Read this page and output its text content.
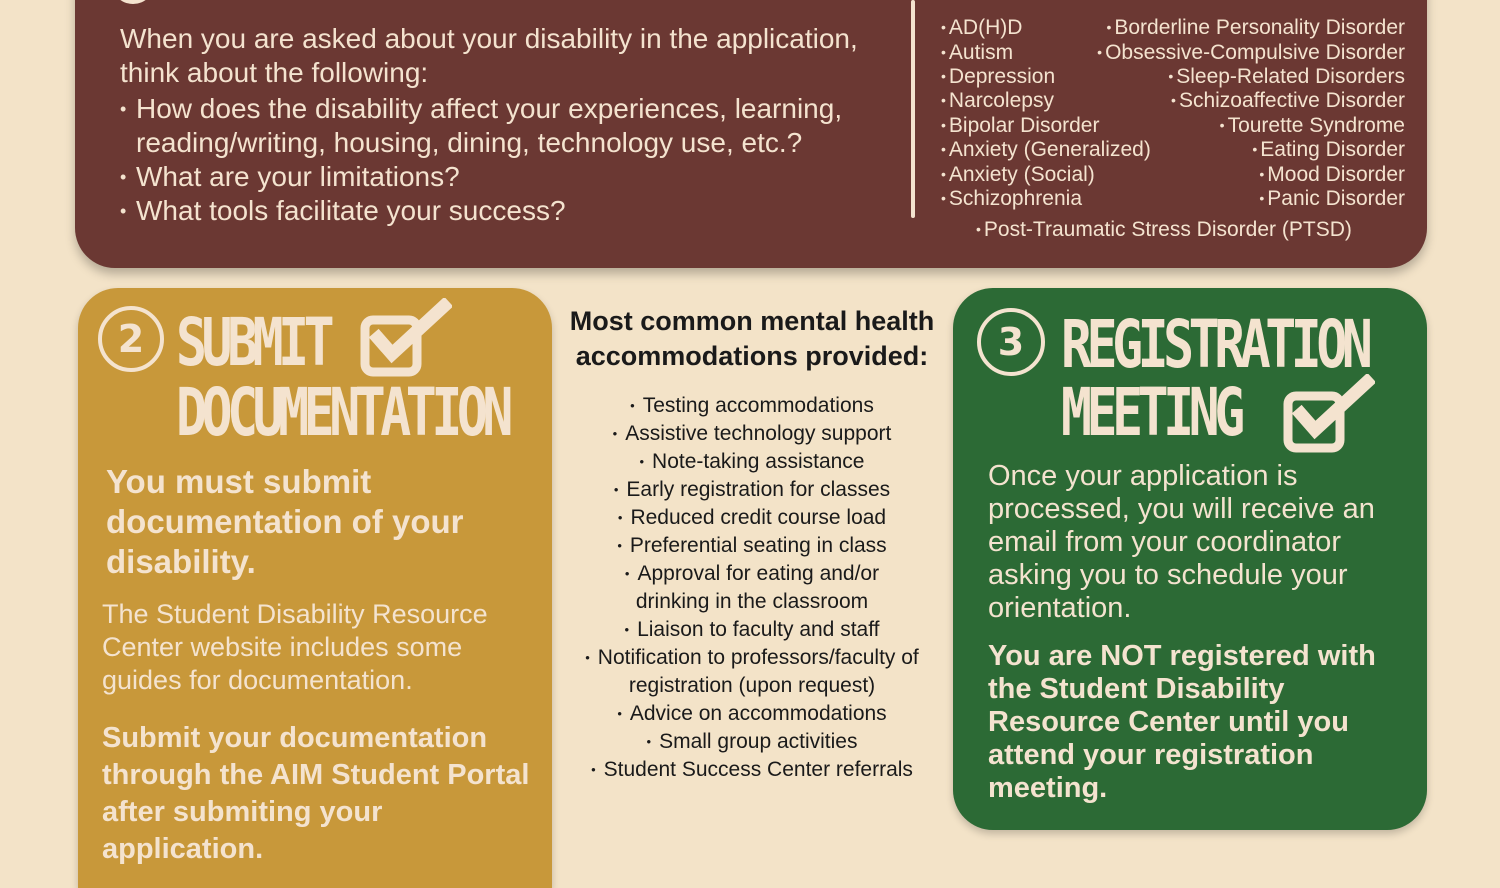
When you are asked about your disability in the application, think about the following:
• How does the disability affect your experiences, learning, reading/writing, housing, dining, technology use, etc.?
• What are your limitations?
• What tools facilitate your success?
• AD(H)D
• Autism
• Depression
• Narcolepsy
• Bipolar Disorder
• Anxiety (Generalized)
• Anxiety (Social)
• Schizophrenia
• Borderline Personality Disorder
• Obsessive-Compulsive Disorder
• Sleep-Related Disorders
• Schizoaffective Disorder
• Tourette Syndrome
• Eating Disorder
• Mood Disorder
• Panic Disorder
• Post-Traumatic Stress Disorder (PTSD)
2 SUBMIT
DOCUMENTATION
You must submit documentation of your disability.
The Student Disability Resource Center website includes some guides for documentation.
Submit your documentation through the AIM Student Portal after submiting your application.
Most common mental health accommodations provided:
• Testing accommodations
• Assistive technology support
• Note-taking assistance
• Early registration for classes
• Reduced credit course load
• Preferential seating in class
• Approval for eating and/or drinking in the classroom
• Liaison to faculty and staff
• Notification to professors/faculty of registration (upon request)
• Advice on accommodations
• Small group activities
• Student Success Center referrals
3 REGISTRATION
MEETING
Once your application is processed, you will receive an email from your coordinator asking you to schedule your orientation.
You are NOT registered with the Student Disability Resource Center until you attend your registration meeting.
